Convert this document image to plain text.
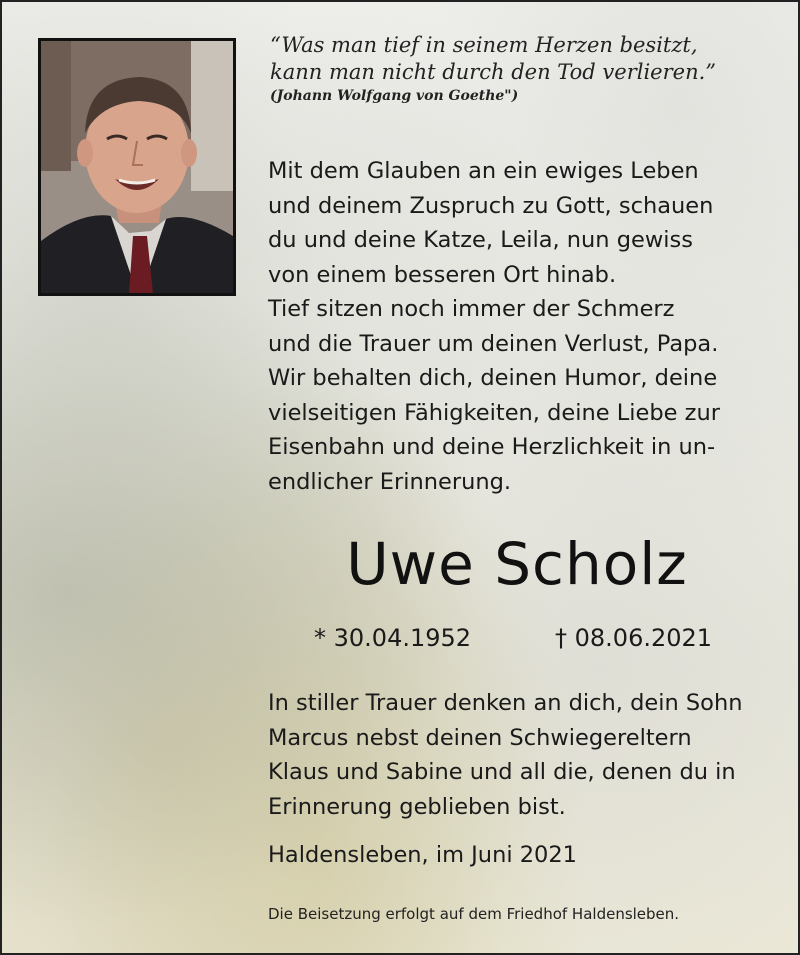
“Was man tief in seinem Herzen besitzt, kann man nicht durch den Tod verlieren.”

(Johann Wolfgang von Goethe")

Mit dem Glauben an ein ewiges Leben
und deinem Zuspruch zu Gott, schauen
du und deine Katze, Leila, nun gewiss
von einem besseren Ort hinab.
Tief sitzen noch immer der Schmerz
und die Trauer um deinen Verlust, Papa.
Wir behalten dich, deinen Humor, deine
vielseitigen Fähigkeiten, deine Liebe zur
Eisenbahn und deine Herzlichkeit in un-
endlicher Erinnerung.

Uwe Scholz
* 30.04.1952	† 08.06.2021

In stiller Trauer denken an dich, dein Sohn
Marcus nebst deinen Schwiegereltern
Klaus und Sabine und all die, denen du in
Erinnerung geblieben bist.

Haldensleben, im Juni 2021
Die Beisetzung erfolgt auf dem Friedhof Haldensleben.
